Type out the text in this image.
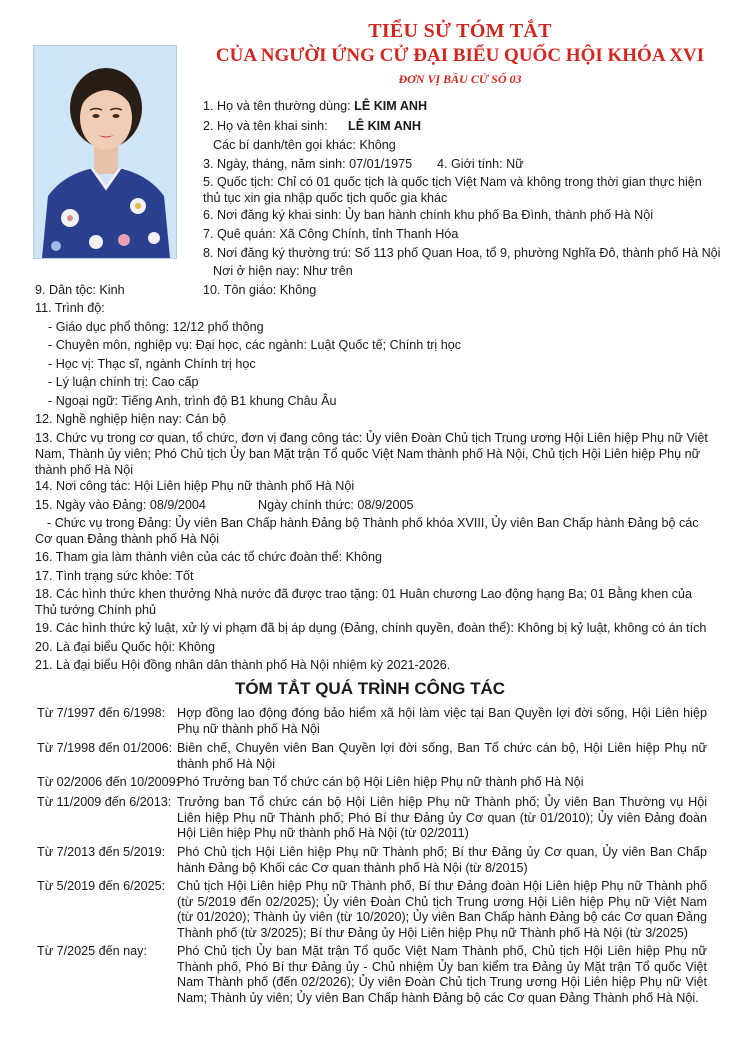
TIỂU SỬ TÓM TẮT
CỦA NGƯỜI ỨNG CỬ ĐẠI BIỂU QUỐC HỘI KHÓA XVI
ĐƠN VỊ BẦU CỬ SỐ 03
1. Họ và tên thường dùng: LÊ KIM ANH
2. Họ và tên khai sinh: LÊ KIM ANH
Các bí danh/tên gọi khác: Không
3. Ngày, tháng, năm sinh: 07/01/1975 4. Giới tính: Nữ
5. Quốc tịch: Chỉ có 01 quốc tịch là quốc tịch Việt Nam và không trong thời gian thực hiện thủ tục xin gia nhập quốc tịch quốc gia khác
6. Nơi đăng ký khai sinh: Ủy ban hành chính khu phố Ba Đình, thành phố Hà Nội
7. Quê quán: Xã Công Chính, tỉnh Thanh Hóa
8. Nơi đăng ký thường trú: Số 113 phố Quan Hoa, tổ 9, phường Nghĩa Đô, thành phố Hà Nội
Nơi ở hiện nay: Như trên
9. Dân tộc: Kinh	10. Tôn giáo: Không
11. Trình độ:
- Giáo dục phổ thông: 12/12 phổ thông
- Chuyên môn, nghiệp vụ: Đại học, các ngành: Luật Quốc tế; Chính trị học
- Học vị: Thạc sĩ, ngành Chính trị học
- Lý luận chính trị: Cao cấp
- Ngoại ngữ: Tiếng Anh, trình độ B1 khung Châu Âu
12. Nghề nghiệp hiện nay: Cán bộ
13. Chức vụ trong cơ quan, tổ chức, đơn vị đang công tác: Ủy viên Đoàn Chủ tịch Trung ương Hội Liên hiệp Phụ nữ Việt Nam, Thành ủy viên; Phó Chủ tịch Ủy ban Mặt trận Tổ quốc Việt Nam thành phố Hà Nội, Chủ tịch Hội Liên hiệp Phụ nữ thành phố Hà Nội
14. Nơi công tác: Hội Liên hiệp Phụ nữ thành phố Hà Nội
15. Ngày vào Đảng: 08/9/2004	Ngày chính thức: 08/9/2005
- Chức vụ trong Đảng: Ủy viên Ban Chấp hành Đảng bộ Thành phố khóa XVIII, Ủy viên Ban Chấp hành Đảng bộ các Cơ quan Đảng thành phố Hà Nội
16. Tham gia làm thành viên của các tổ chức đoàn thể: Không
17. Tình trạng sức khỏe: Tốt
18. Các hình thức khen thưởng Nhà nước đã được trao tặng: 01 Huân chương Lao động hạng Ba; 01 Bằng khen của Thủ tướng Chính phủ
19. Các hình thức kỷ luật, xử lý vi phạm đã bị áp dụng (Đảng, chính quyền, đoàn thể): Không bị kỷ luật, không có án tích
20. Là đại biểu Quốc hội: Không
21. Là đại biểu Hội đồng nhân dân thành phố Hà Nội nhiệm kỳ 2021-2026.
TÓM TẮT QUÁ TRÌNH CÔNG TÁC
Từ 7/1997 đến 6/1998: Hợp đồng lao động đóng bảo hiểm xã hội làm việc tại Ban Quyền lợi đời sống, Hội Liên hiệp Phụ nữ thành phố Hà Nội
Từ 7/1998 đến 01/2006: Biên chế, Chuyên viên Ban Quyền lợi đời sống, Ban Tổ chức cán bộ, Hội Liên hiệp Phụ nữ thành phố Hà Nội
Từ 02/2006 đến 10/2009:
Phó Trưởng ban Tổ chức cán bộ Hội Liên hiệp Phụ nữ thành phố Hà Nội
Từ 11/2009 đến 6/2013: Trưởng ban Tổ chức cán bộ Hội Liên hiệp Phụ nữ Thành phố; Ủy viên Ban Thường vụ Hội Liên hiệp Phụ nữ Thành phố; Phó Bí thư Đảng ủy Cơ quan (từ 01/2010); Ủy viên Đảng đoàn Hội Liên hiệp Phụ nữ thành phố Hà Nội (từ 02/2011)
Từ 7/2013 đến 5/2019: Phó Chủ tịch Hội Liên hiệp Phụ nữ Thành phố; Bí thư Đảng ủy Cơ quan, Ủy viên Ban Chấp hành Đảng bộ Khối các Cơ quan thành phố Hà Nội (từ 8/2015)
Từ 5/2019 đến 6/2025: Chủ tịch Hội Liên hiệp Phụ nữ Thành phố, Bí thư Đảng đoàn Hội Liên hiệp Phụ nữ Thành phố (từ 5/2019 đến 02/2025); Ủy viên Đoàn Chủ tịch Trung ương Hội Liên hiệp Phụ nữ Việt Nam (từ 01/2020); Thành ủy viên (từ 10/2020); Ủy viên Ban Chấp hành Đảng bộ các Cơ quan Đảng Thành phố (từ 3/2025); Bí thư Đảng ủy Hội Liên hiệp Phụ nữ Thành phố Hà Nội (từ 3/2025)
Từ 7/2025 đến nay:	Phó Chủ tịch Ủy ban Mặt trận Tổ quốc Việt Nam Thành phố, Chủ tịch Hội Liên hiệp Phụ nữ Thành phố, Phó Bí thư Đảng ủy - Chủ nhiệm Ủy ban kiểm tra Đảng ủy Mặt trận Tổ quốc Việt Nam Thành phố (đến 02/2026); Ủy viên Đoàn Chủ tịch Trung ương Hội Liên hiệp Phụ nữ Việt Nam; Thành ủy viên; Ủy viên Ban Chấp hành Đảng bộ các Cơ quan Đảng Thành phố Hà Nội.
